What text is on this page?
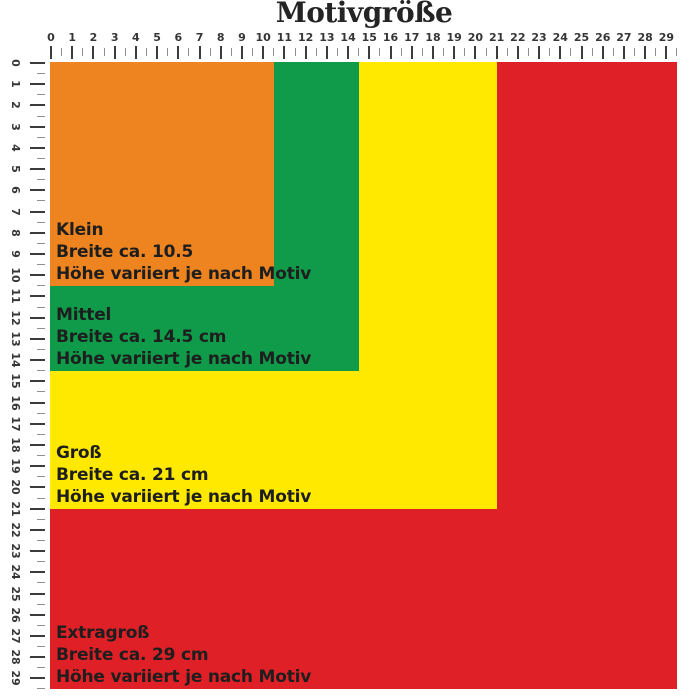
Motivgröße
0 1 2 3 4 5 6 7 8 9 10 11 12 13 14 15 16 17 18 19 20 21 22 23 24 25 26 27 28 29
0
1
2
3
4
5
6
7
8
9
10
11
12
13
14
15
16
17
18
19
20
21
22
23
24
25
26
27
28
29
Klein
Breite ca. 10.5
Höhe variiert je nach Motiv
Mittel
Breite ca. 14.5 cm
Höhe variiert je nach Motiv
Groß
Breite ca. 21 cm
Höhe variiert je nach Motiv
Extragroß
Breite ca. 29 cm
Höhe variiert je nach Motiv
